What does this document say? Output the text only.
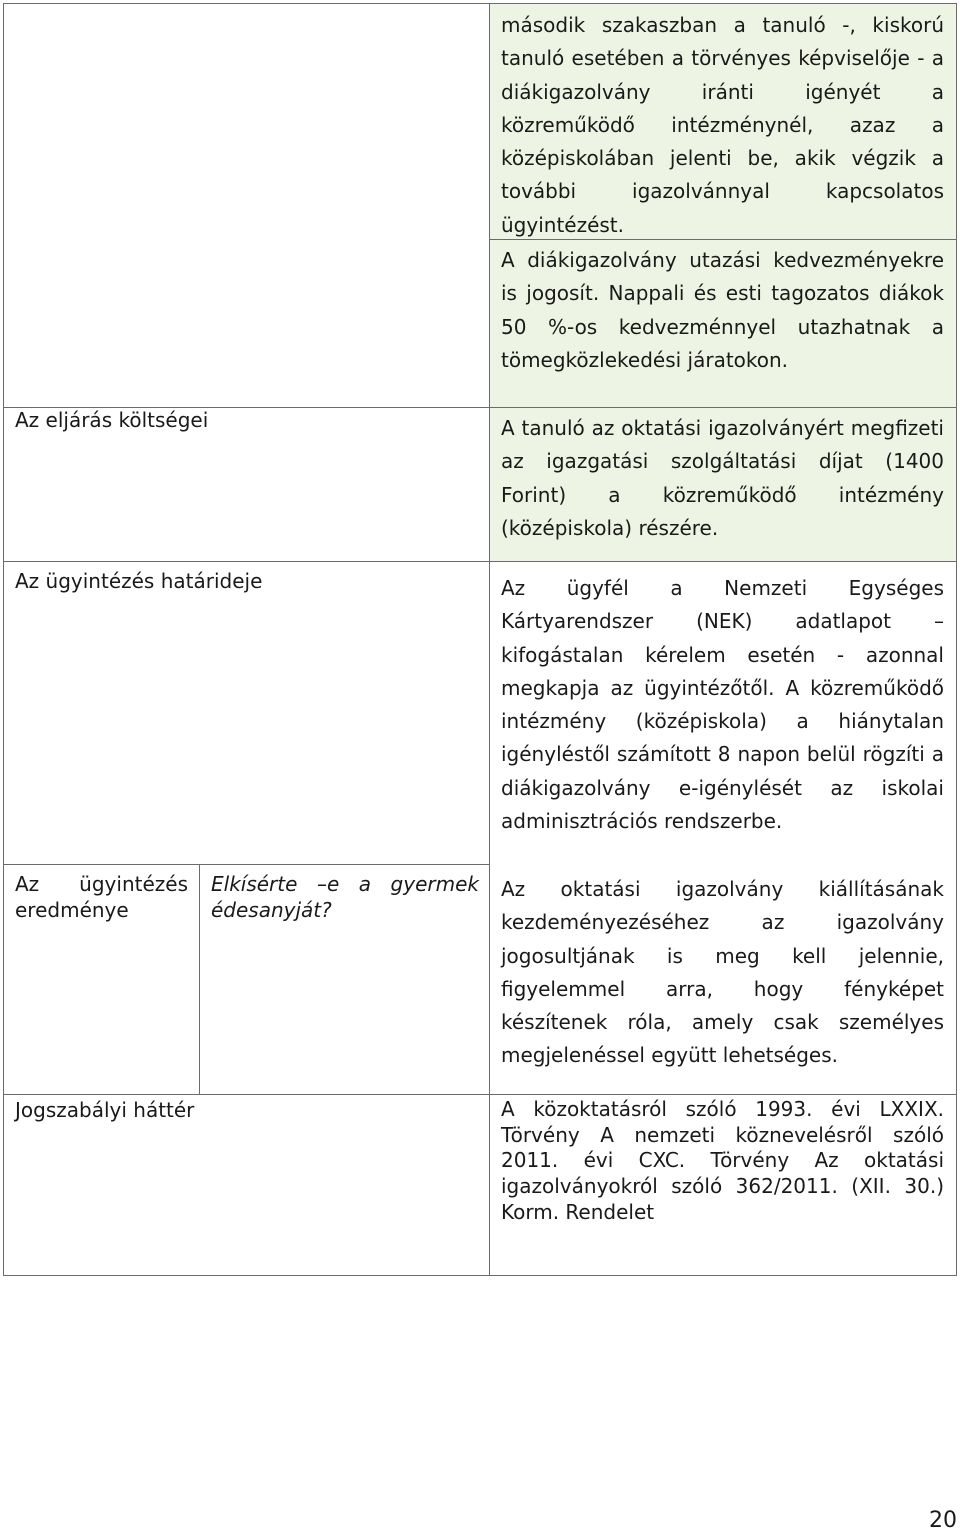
Az eljárás költségei
Az ügyintézés határideje
Az ügyintézés eredménye
Elkísérte –e a gyermek édesanyját?
Jogszabályi háttér

második szakaszban a tanuló -, kiskorú tanuló esetében a törvényes képviselője - a diákigazolvány iránti igényét a közreműködő intézménynél, azaz a középiskolában jelenti be, akik végzik a további igazolvánnyal kapcsolatos ügyintézést.

A diákigazolvány utazási kedvezményekre is jogosít. Nappali és esti tagozatos diákok 50 %-os kedvezménnyel utazhatnak a tömegközlekedési járatokon.

A tanuló az oktatási igazolványért megfizeti az igazgatási szolgáltatási díjat (1400 Forint) a közreműködő intézmény (középiskola) részére.

Az ügyfél a Nemzeti Egységes Kártyarendszer (NEK) adatlapot – kifogástalan kérelem esetén - azonnal megkapja az ügyintézőtől. A közreműködő intézmény (középiskola) a hiánytalan igényléstől számított 8 napon belül rögzíti a diákigazolvány e-igénylését az iskolai adminisztrációs rendszerbe.

Az oktatási igazolvány kiállításának kezdeményezéséhez az igazolvány jogosultjának is meg kell jelennie, figyelemmel arra, hogy fényképet készítenek róla, amely csak személyes megjelenéssel együtt lehetséges.

A közoktatásról szóló 1993. évi LXXIX. Törvény A nemzeti köznevelésről szóló 2011. évi CXC. Törvény Az oktatási igazolványokról szóló 362/2011. (XII. 30.) Korm. Rendelet

20
